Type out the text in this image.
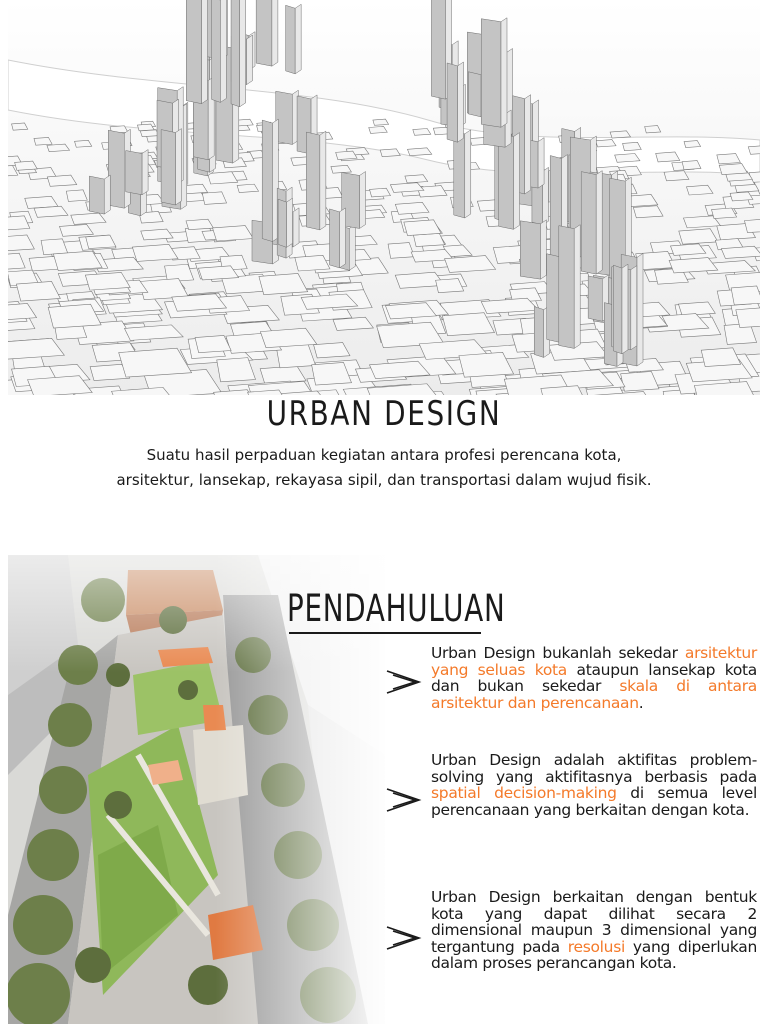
URBAN DESIGN
Suatu hasil perpaduan kegiatan antara profesi perencana kota,
arsitektur, lansekap, rekayasa sipil, dan transportasi dalam wujud fisik.
PENDAHULUAN
Urban Design bukanlah sekedar arsitektur yang seluas kota ataupun lansekap kota dan bukan sekedar skala di antara arsitektur dan perencanaan.
Urban Design adalah aktifitas problem-solving yang aktifitasnya berbasis pada spatial decision-making di semua level perencanaan yang berkaitan dengan kota.
Urban Design berkaitan dengan bentuk kota yang dapat dilihat secara 2 dimensional maupun 3 dimensional yang tergantung pada resolusi yang diperlukan dalam proses perancangan kota.
